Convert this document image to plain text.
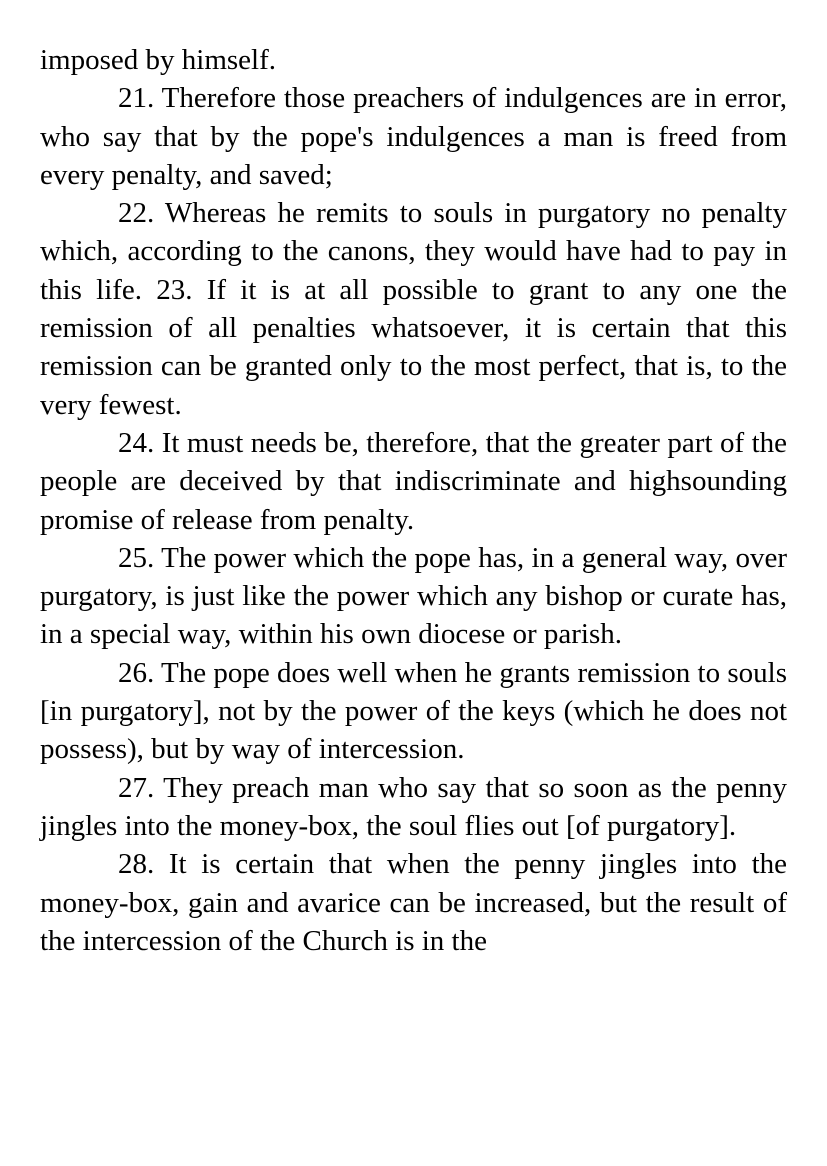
imposed by himself.

21. Therefore those preachers of indulgences are in error, who say that by the pope's indulgences a man is freed from every penalty, and saved;

22. Whereas he remits to souls in purgatory no penalty which, according to the canons, they would have had to pay in this life. 23. If it is at all possible to grant to any one the remission of all penalties whatsoever, it is certain that this remission can be granted only to the most perfect, that is, to the very fewest.

24. It must needs be, therefore, that the greater part of the people are deceived by that indiscriminate and highsounding promise of release from penalty.

25. The power which the pope has, in a general way, over purgatory, is just like the power which any bishop or curate has, in a special way, within his own diocese or parish.

26. The pope does well when he grants remission to souls [in purgatory], not by the power of the keys (which he does not possess), but by way of intercession.

27. They preach man who say that so soon as the penny jingles into the money-box, the soul flies out [of purgatory].

28. It is certain that when the penny jingles into the money-box, gain and avarice can be increased, but the result of the intercession of the Church is in the
